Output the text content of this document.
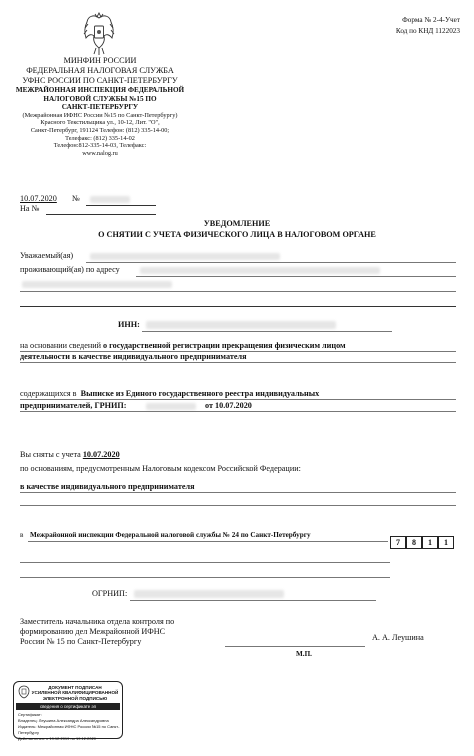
Форма № 2-4-Учет
Код по КНД 1122023
МИНФИН РОССИИ
ФЕДЕРАЛЬНАЯ НАЛОГОВАЯ СЛУЖБА
УФНС РОССИИ ПО САНКТ-ПЕТЕРБУРГУ
МЕЖРАЙОННАЯ ИНСПЕКЦИЯ ФЕДЕРАЛЬНОЙ
НАЛОГОВОЙ СЛУЖБЫ №15 ПО
САНКТ-ПЕТЕРБУРГУ
(Межрайонная ИФНС России №15 по Санкт-Петербургу)
Красного Текстильщика ул., 10-12, Лит. "О",
Санкт-Петербург, 191124 Телефон: (812) 335-14-00;
Телефакс: (812) 335-14-02
Телефон:812-335-14-03, Телефакс:
www.nalog.ru
10.07.2020 №
На №
УВЕДОМЛЕНИЕ
О СНЯТИИ С УЧЕТА ФИЗИЧЕСКОГО ЛИЦА В НАЛОГОВОМ ОРГАНЕ
Уважаемый(ая)
проживающий(ая) по адресу
ИНН:
на основании сведений о государственной регистрации прекращения физическим лицом
деятельности в качестве индивидуального предпринимателя
содержащихся в Выписке из Единого государственного реестра индивидуальных
предпринимателей, ГРНИП:	от 10.07.2020
Вы сняты с учета 10.07.2020
по основаниям, предусмотренным Налоговым кодексом Российской Федерации:
в качестве индивидуального предпринимателя
в Межрайонной инспекции Федеральной налоговой службы № 24 по Санкт-Петербургу
7	8	1	1
ОГРНИП:
Заместитель начальника отдела контроля по
формированию дел Межрайонной ИФНС
России № 15 по Санкт-Петербургу	А. А. Леушина
М.П.
ДОКУМЕНТ ПОДПИСАН
УСИЛЕННОЙ КВАЛИФИЦИРОВАННОЙ
ЭЛЕКТРОННОЙ ПОДПИСЬЮ
сведения о сертификате эп
Сертификат:
Владелец: Леушина Александра Александровна
Издатель: Межрайонная ИФНС России №15 по Санкт-Петербургу
Действителен: с 19.12.2019 по 19.12.2020
